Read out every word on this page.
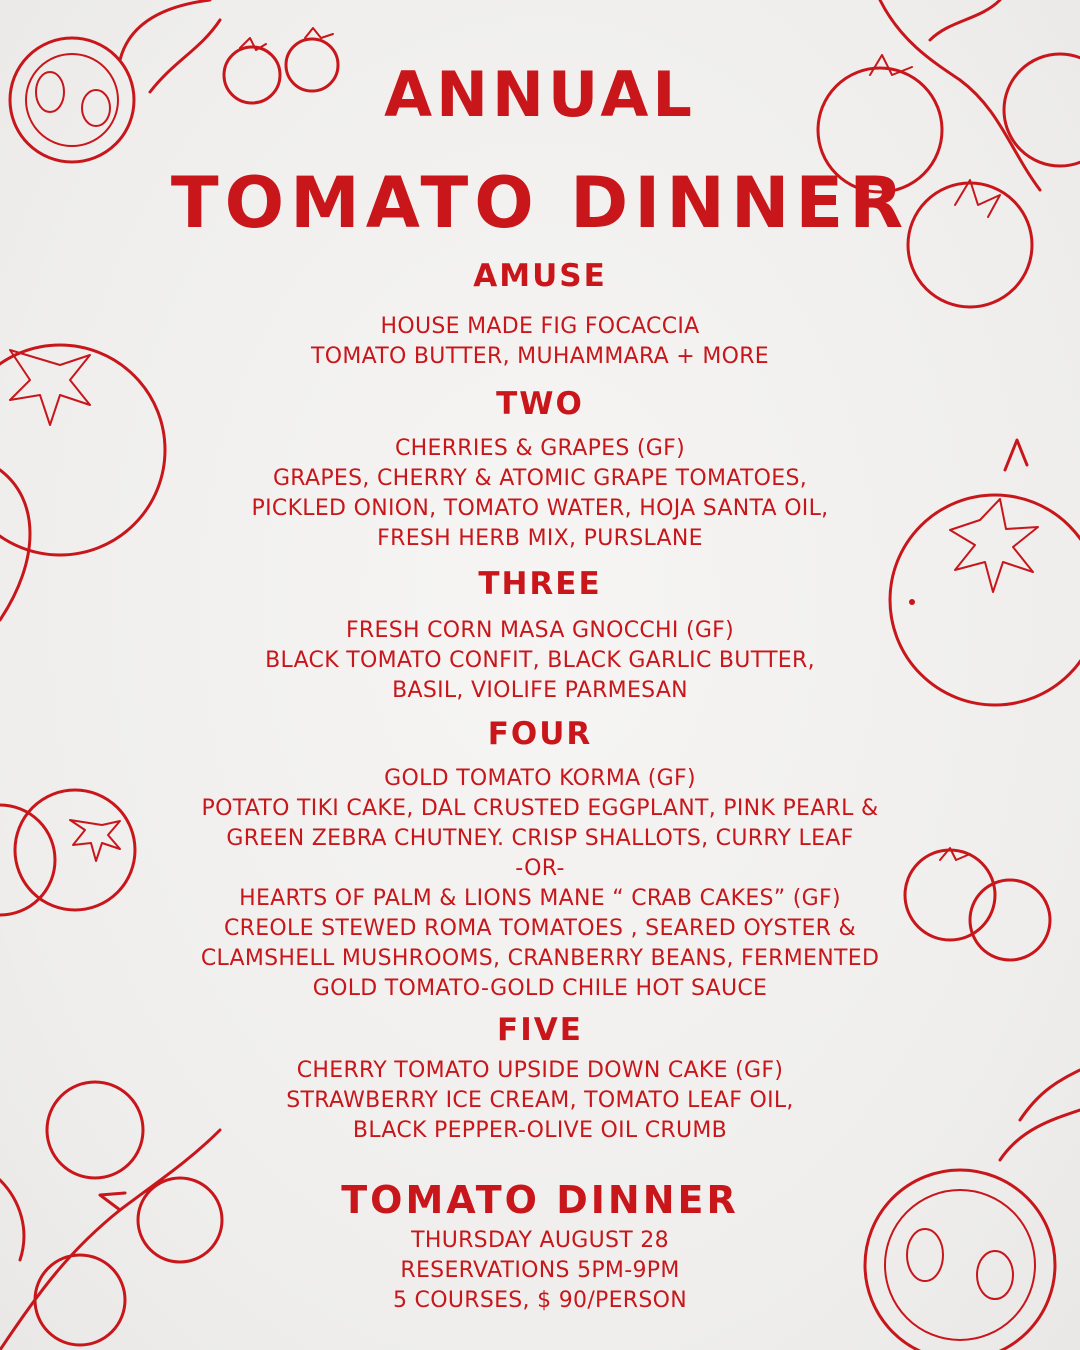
ANNUAL
TOMATO DINNER
AMUSE
HOUSE MADE FIG FOCACCIA
TOMATO BUTTER, MUHAMMARA + MORE
TWO
CHERRIES & GRAPES (GF)
GRAPES, CHERRY & ATOMIC GRAPE TOMATOES,
PICKLED ONION, TOMATO WATER, HOJA SANTA OIL,
FRESH HERB MIX, PURSLANE
THREE
FRESH CORN MASA GNOCCHI (GF)
BLACK TOMATO CONFIT, BLACK GARLIC BUTTER,
BASIL, VIOLIFE PARMESAN
FOUR
GOLD TOMATO KORMA (GF)
POTATO TIKI CAKE, DAL CRUSTED EGGPLANT, PINK PEARL &
GREEN ZEBRA CHUTNEY. CRISP SHALLOTS, CURRY LEAF
-OR-
HEARTS OF PALM & LIONS MANE “ CRAB CAKES” (GF)
CREOLE STEWED ROMA TOMATOES , SEARED OYSTER &
CLAMSHELL MUSHROOMS, CRANBERRY BEANS, FERMENTED
GOLD TOMATO-GOLD CHILE HOT SAUCE
FIVE
CHERRY TOMATO UPSIDE DOWN CAKE (GF)
STRAWBERRY ICE CREAM, TOMATO LEAF OIL,
BLACK PEPPER-OLIVE OIL CRUMB
TOMATO DINNER
THURSDAY AUGUST 28
RESERVATIONS 5PM-9PM
5 COURSES, $ 90/PERSON
